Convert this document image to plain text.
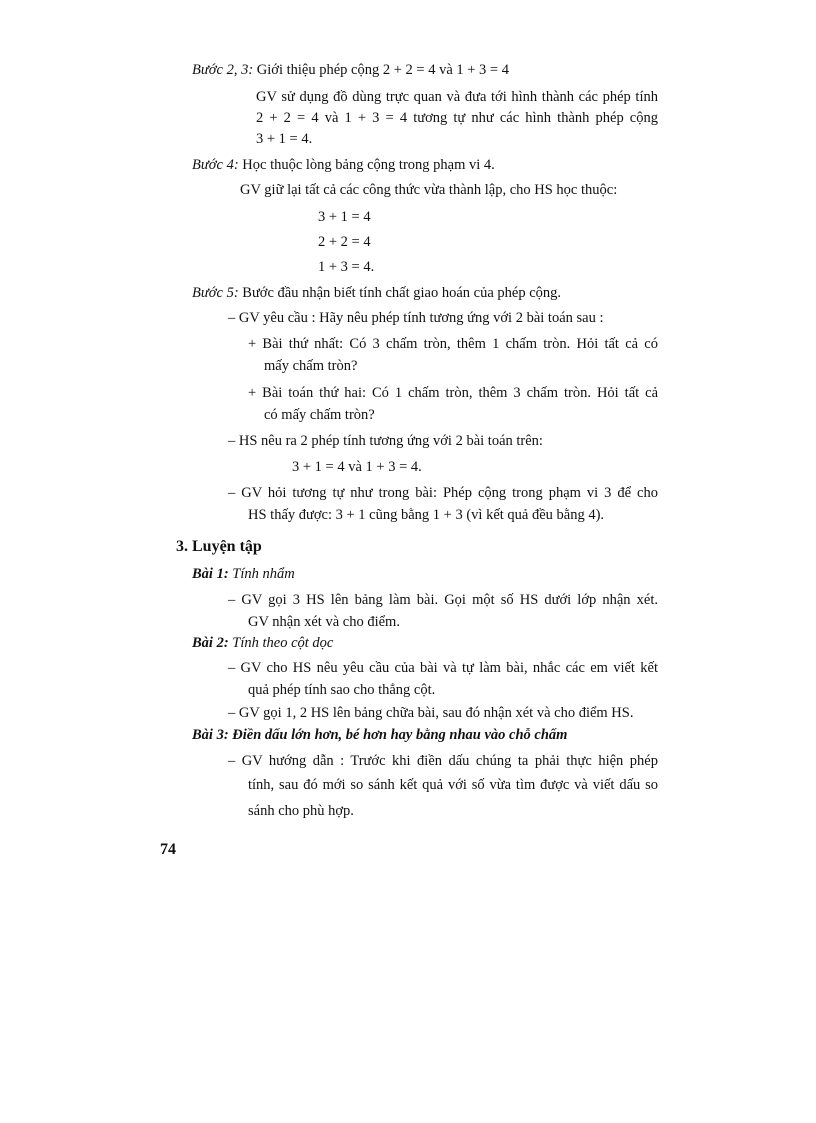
Bước 2, 3: Giới thiệu phép cộng 2 + 2 = 4 và 1 + 3 = 4
GV sử dụng đồ dùng trực quan và đưa tới hình thành các phép tính
2 + 2 = 4 và 1 + 3 = 4 tương tự như các hình thành phép cộng
3 + 1 = 4.
Bước 4: Học thuộc lòng bảng cộng trong phạm vi 4.
GV giữ lại tất cả các công thức vừa thành lập, cho HS học thuộc:
3 + 1 = 4
2 + 2 = 4
1 + 3 = 4.
Bước 5: Bước đầu nhận biết tính chất giao hoán của phép cộng.
– GV yêu cầu : Hãy nêu phép tính tương ứng với 2 bài toán sau :
+ Bài thứ nhất: Có 3 chấm tròn, thêm 1 chấm tròn. Hỏi tất cả có
mấy chấm tròn?
+ Bài toán thứ hai: Có 1 chấm tròn, thêm 3 chấm tròn. Hỏi tất cả
có mấy chấm tròn?
– HS nêu ra 2 phép tính tương ứng với 2 bài toán trên:
3 + 1 = 4 và 1 + 3 = 4.
– GV hỏi tương tự như trong bài: Phép cộng trong phạm vi 3 để cho
HS thấy được: 3 + 1 cũng bằng 1 + 3 (vì kết quả đều bằng 4).
3. Luyện tập
Bài 1: Tính nhẩm
– GV gọi 3 HS lên bảng làm bài. Gọi một số HS dưới lớp nhận xét.
GV nhận xét và cho điểm.
Bài 2: Tính theo cột dọc
– GV cho HS nêu yêu cầu của bài và tự làm bài, nhắc các em viết kết
quả phép tính sao cho thẳng cột.
– GV gọi 1, 2 HS lên bảng chữa bài, sau đó nhận xét và cho điểm HS.
Bài 3: Điền dấu lớn hơn, bé hơn hay bằng nhau vào chỗ chấm
– GV hướng dẫn : Trước khi điền dấu chúng ta phải thực hiện phép
tính, sau đó mới so sánh kết quả với số vừa tìm được và viết dấu so
sánh cho phù hợp.
74
